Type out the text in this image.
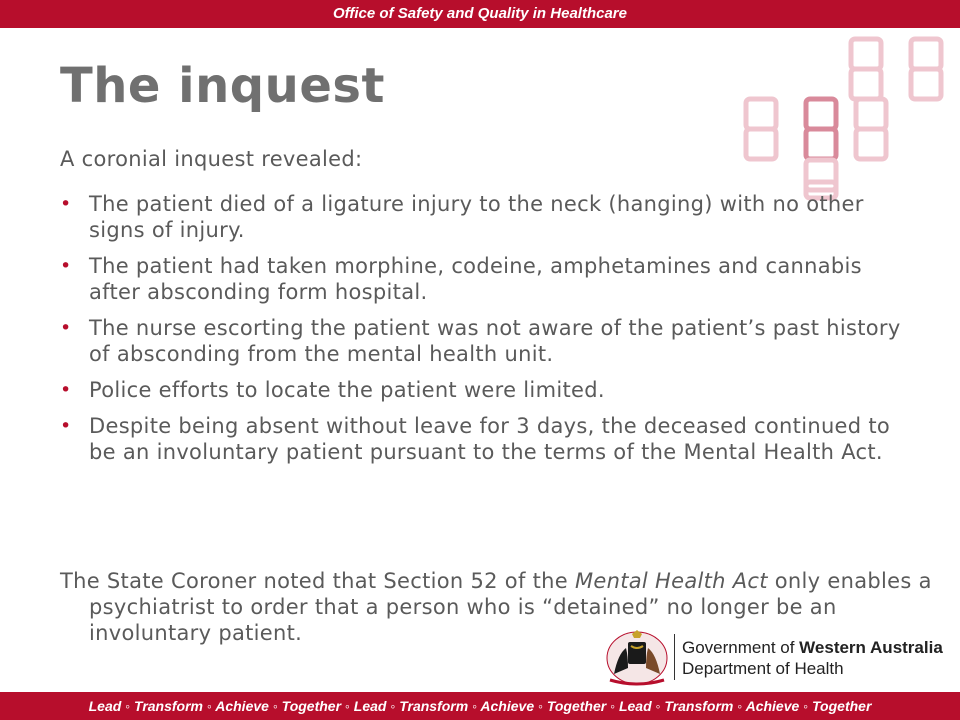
Office of Safety and Quality in Healthcare
The inquest

A coronial inquest revealed:

• The patient died of a ligature injury to the neck (hanging) with no other signs of injury.
• The patient had taken morphine, codeine, amphetamines and cannabis after absconding form hospital.
• The nurse escorting the patient was not aware of the patient’s past history of absconding from the mental health unit.
• Police efforts to locate the patient were limited.
• Despite being absent without leave for 3 days, the deceased continued to be an involuntary patient pursuant to the terms of the Mental Health Act.

The State Coroner noted that Section 52 of the Mental Health Act only enables a psychiatrist to order that a person who is “detained” no longer be an involuntary patient.

Government of Western Australia
Department of Health
Lead ◦ Transform ◦ Achieve ◦ Together ◦ Lead ◦ Transform ◦ Achieve ◦ Together ◦ Lead ◦ Transform ◦ Achieve ◦ Together
